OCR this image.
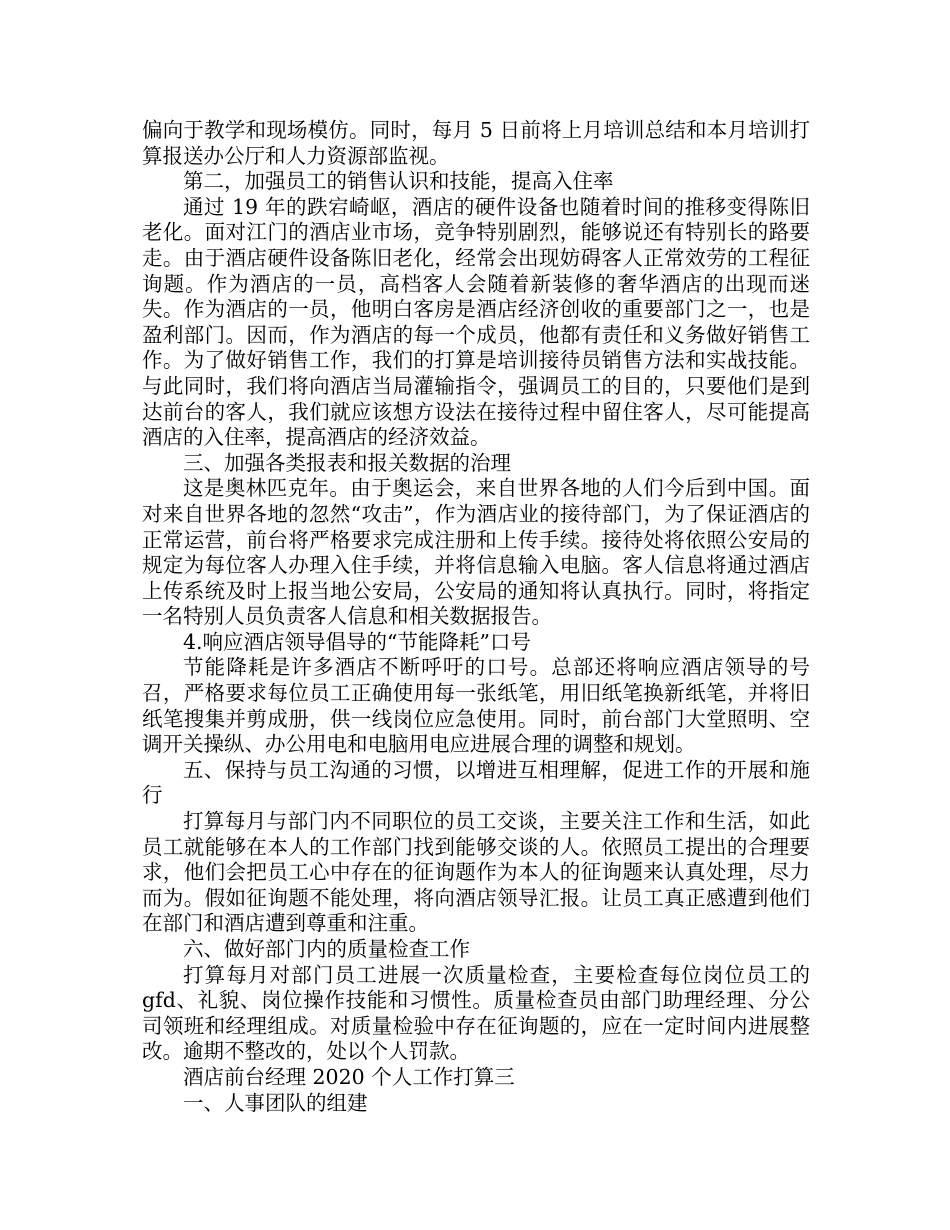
偏向于教学和现场模仿。同时，每月 5 日前将上月培训总结和本月培训打算报送办公厅和人力资源部监视。

第二，加强员工的销售认识和技能，提高入住率

通过 19 年的跌宕崎岖，酒店的硬件设备也随着时间的推移变得陈旧老化。面对江门的酒店业市场，竞争特别剧烈，能够说还有特别长的路要走。由于酒店硬件设备陈旧老化，经常会出现妨碍客人正常效劳的工程征询题。作为酒店的一员，高档客人会随着新装修的奢华酒店的出现而迷失。作为酒店的一员，他明白客房是酒店经济创收的重要部门之一，也是盈利部门。因而，作为酒店的每一个成员，他都有责任和义务做好销售工作。为了做好销售工作，我们的打算是培训接待员销售方法和实战技能。与此同时，我们将向酒店当局灌输指令，强调员工的目的，只要他们是到达前台的客人，我们就应该想方设法在接待过程中留住客人，尽可能提高酒店的入住率，提高酒店的经济效益。

三、加强各类报表和报关数据的治理

这是奥林匹克年。由于奥运会，来自世界各地的人们今后到中国。面对来自世界各地的忽然“攻击”，作为酒店业的接待部门，为了保证酒店的正常运营，前台将严格要求完成注册和上传手续。接待处将依照公安局的规定为每位客人办理入住手续，并将信息输入电脑。客人信息将通过酒店上传系统及时上报当地公安局，公安局的通知将认真执行。同时，将指定一名特别人员负责客人信息和相关数据报告。

4.响应酒店领导倡导的“节能降耗”口号

节能降耗是许多酒店不断呼吁的口号。总部还将响应酒店领导的号召，严格要求每位员工正确使用每一张纸笔，用旧纸笔换新纸笔，并将旧纸笔搜集并剪成册，供一线岗位应急使用。同时，前台部门大堂照明、空调开关操纵、办公用电和电脑用电应进展合理的调整和规划。

五、保持与员工沟通的习惯，以增进互相理解，促进工作的开展和施行

打算每月与部门内不同职位的员工交谈，主要关注工作和生活，如此员工就能够在本人的工作部门找到能够交谈的人。依照员工提出的合理要求，他们会把员工心中存在的征询题作为本人的征询题来认真处理，尽力而为。假如征询题不能处理，将向酒店领导汇报。让员工真正感遭到他们在部门和酒店遭到尊重和注重。

六、做好部门内的质量检查工作

打算每月对部门员工进展一次质量检查，主要检查每位岗位员工的 gfd、礼貌、岗位操作技能和习惯性。质量检查员由部门助理经理、分公司领班和经理组成。对质量检验中存在征询题的，应在一定时间内进展整改。逾期不整改的，处以个人罚款。

酒店前台经理 2020 个人工作打算三

一、人事团队的组建
